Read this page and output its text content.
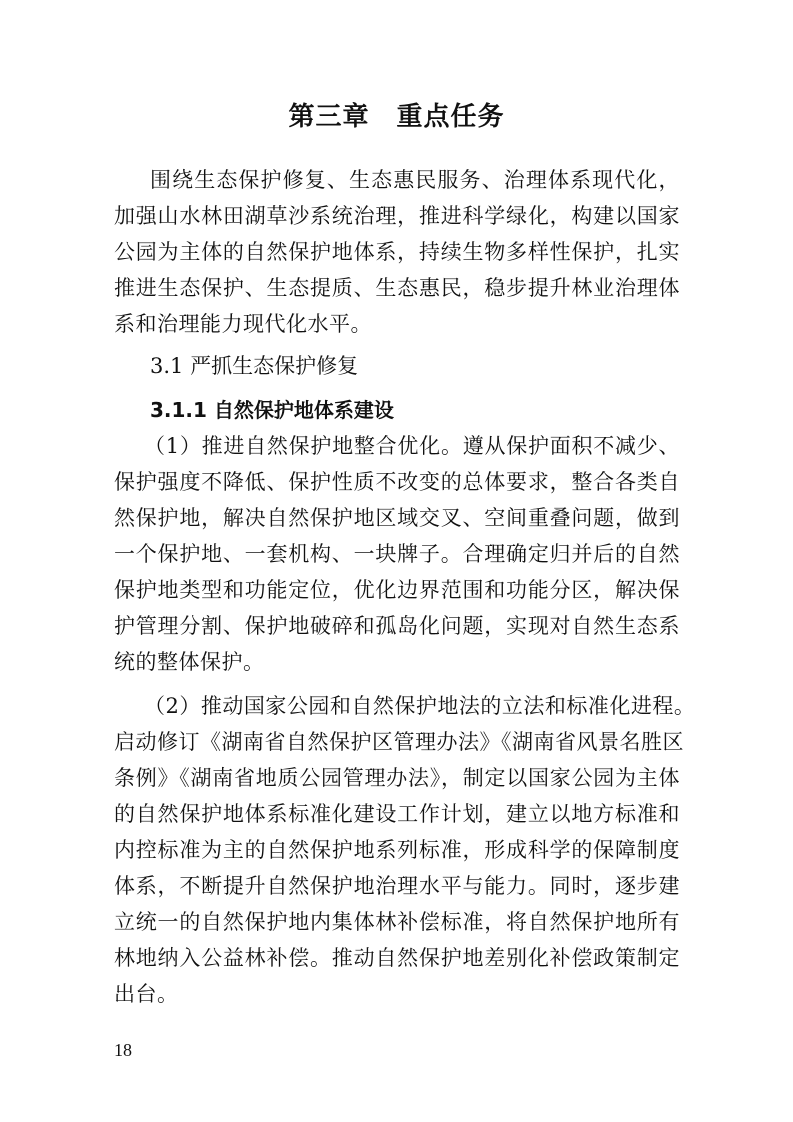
第三章　重点任务
围绕生态保护修复、生态惠民服务、治理体系现代化，
加强山水林田湖草沙系统治理，推进科学绿化，构建以国家
公园为主体的自然保护地体系，持续生物多样性保护，扎实
推进生态保护、生态提质、生态惠民，稳步提升林业治理体
系和治理能力现代化水平。
3.1 严抓生态保护修复
3.1.1 自然保护地体系建设
（1）推进自然保护地整合优化。遵从保护面积不减少、
保护强度不降低、保护性质不改变的总体要求，整合各类自
然保护地，解决自然保护地区域交叉、空间重叠问题，做到
一个保护地、一套机构、一块牌子。合理确定归并后的自然
保护地类型和功能定位，优化边界范围和功能分区，解决保
护管理分割、保护地破碎和孤岛化问题，实现对自然生态系
统的整体保护。
（2）推动国家公园和自然保护地法的立法和标准化进程。
启动修订《湖南省自然保护区管理办法》《湖南省风景名胜区
条例》《湖南省地质公园管理办法》，制定以国家公园为主体
的自然保护地体系标准化建设工作计划，建立以地方标准和
内控标准为主的自然保护地系列标准，形成科学的保障制度
体系，不断提升自然保护地治理水平与能力。同时，逐步建
立统一的自然保护地内集体林补偿标准，将自然保护地所有
林地纳入公益林补偿。推动自然保护地差别化补偿政策制定
出台。
18
